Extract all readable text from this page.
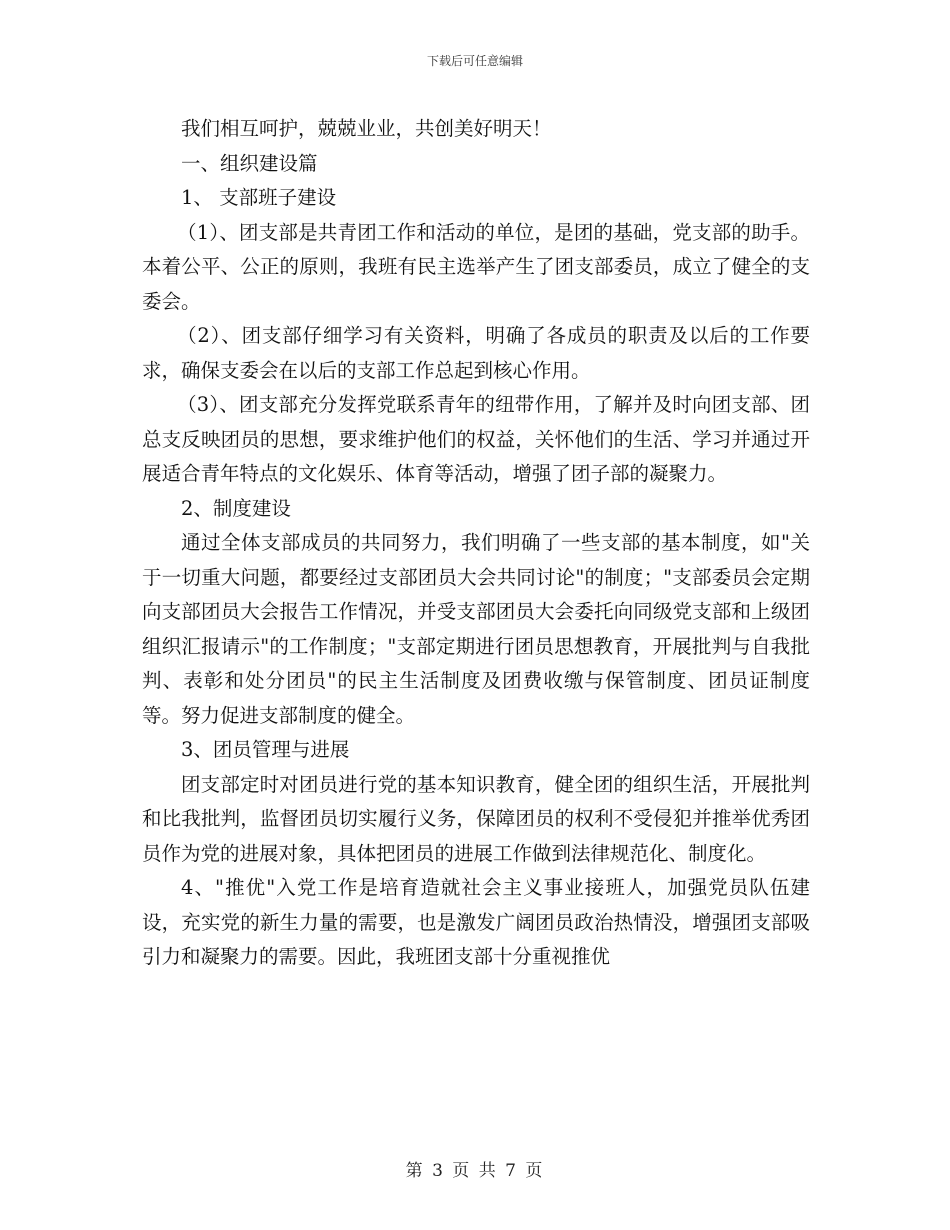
下载后可任意编辑

我们相互呵护，兢兢业业，共创美好明天！

一、组织建设篇

1、 支部班子建设

（1）、团支部是共青团工作和活动的单位，是团的基础，党支部的助手。本着公平、公正的原则，我班有民主选举产生了团支部委员，成立了健全的支委会。

（2）、团支部仔细学习有关资料，明确了各成员的职责及以后的工作要求，确保支委会在以后的支部工作总起到核心作用。

（3）、团支部充分发挥党联系青年的纽带作用，了解并及时向团支部、团总支反映团员的思想，要求维护他们的权益，关怀他们的生活、学习并通过开展适合青年特点的文化娱乐、体育等活动，增强了团子部的凝聚力。

2、制度建设

通过全体支部成员的共同努力，我们明确了一些支部的基本制度，如"关于一切重大问题，都要经过支部团员大会共同讨论"的制度；"支部委员会定期向支部团员大会报告工作情况，并受支部团员大会委托向同级党支部和上级团组织汇报请示"的工作制度；"支部定期进行团员思想教育，开展批判与自我批判、表彰和处分团员"的民主生活制度及团费收缴与保管制度、团员证制度等。努力促进支部制度的健全。

3、团员管理与进展

团支部定时对团员进行党的基本知识教育，健全团的组织生活，开展批判和比我批判，监督团员切实履行义务，保障团员的权利不受侵犯并推举优秀团员作为党的进展对象，具体把团员的进展工作做到法律规范化、制度化。

4、"推优"入党工作是培育造就社会主义事业接班人，加强党员队伍建设，充实党的新生力量的需要，也是激发广阔团员政治热情没，增强团支部吸引力和凝聚力的需要。因此，我班团支部十分重视推优

第 3 页 共 7 页
